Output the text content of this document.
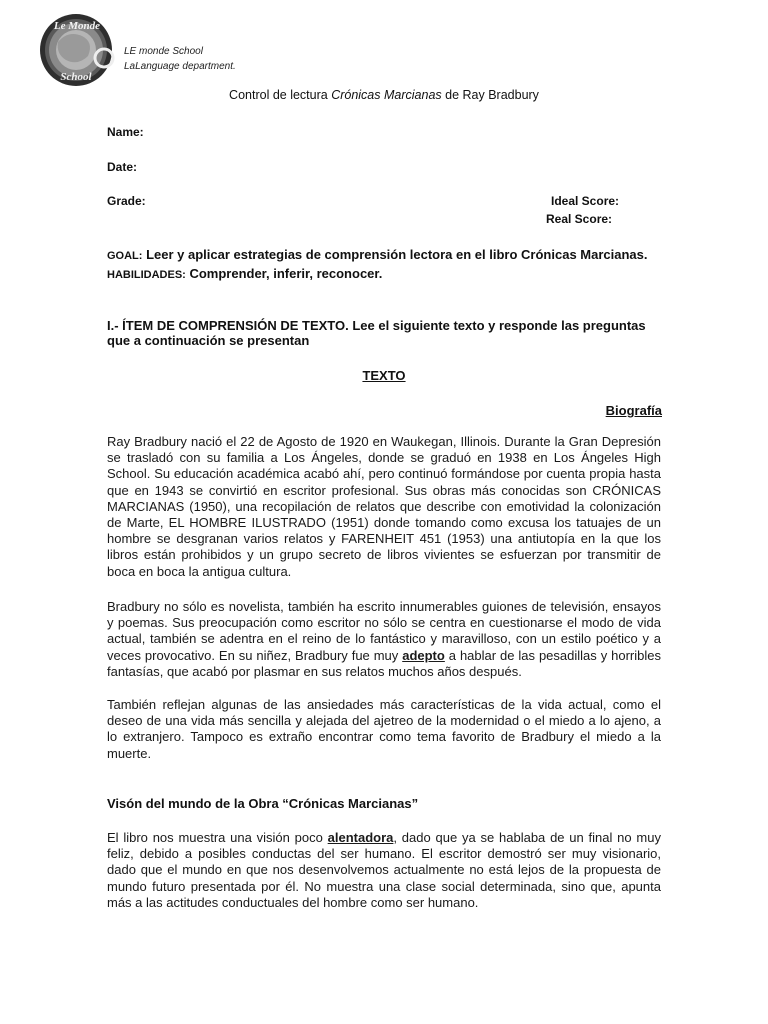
Le Monde
School
LE monde School
LaLanguage department.
Control de lectura Crónicas Marcianas de Ray Bradbury
Name:
Date:
Grade:	Ideal Score:
Real Score:
GOAL: Leer y aplicar estrategias de comprensión lectora en el libro Crónicas Marcianas.
HABILIDADES: Comprender, inferir, reconocer.
I.- ÍTEM DE COMPRENSIÓN DE TEXTO. Lee el siguiente texto y responde las preguntas que a continuación se presentan
TEXTO
Biografía
Ray Bradbury nació el 22 de Agosto de 1920 en Waukegan, Illinois. Durante la Gran Depresión se trasladó con su familia a Los Ángeles, donde se graduó en 1938 en Los Ángeles High School. Su educación académica acabó ahí, pero continuó formándose por cuenta propia hasta que en 1943 se convirtió en escritor profesional. Sus obras más conocidas son CRÓNICAS MARCIANAS (1950), una recopilación de relatos que describe con emotividad la colonización de Marte, EL HOMBRE ILUSTRADO (1951) donde tomando como excusa los tatuajes de un hombre se desgranan varios relatos y FARENHEIT 451 (1953) una antiutopía en la que los libros están prohibidos y un grupo secreto de libros vivientes se esfuerzan por transmitir de boca en boca la antigua cultura.
Bradbury no sólo es novelista, también ha escrito innumerables guiones de televisión, ensayos y poemas. Sus preocupación como escritor no sólo se centra en cuestionarse el modo de vida actual, también se adentra en el reino de lo fantástico y maravilloso, con un estilo poético y a veces provocativo. En su niñez, Bradbury fue muy adepto a hablar de las pesadillas y horribles fantasías, que acabó por plasmar en sus relatos muchos años después.
También reflejan algunas de las ansiedades más características de la vida actual, como el deseo de una vida más sencilla y alejada del ajetreo de la modernidad o el miedo a lo ajeno, a lo extranjero. Tampoco es extraño encontrar como tema favorito de Bradbury el miedo a la muerte.
Visón del mundo de la Obra “Crónicas Marcianas”
El libro nos muestra una visión poco alentadora, dado que ya se hablaba de un final no muy feliz, debido a posibles conductas del ser humano. El escritor demostró ser muy visionario, dado que el mundo en que nos desenvolvemos actualmente no está lejos de la propuesta de mundo futuro presentada por él. No muestra una clase social determinada, sino que, apunta más a las actitudes conductuales del hombre como ser humano.
